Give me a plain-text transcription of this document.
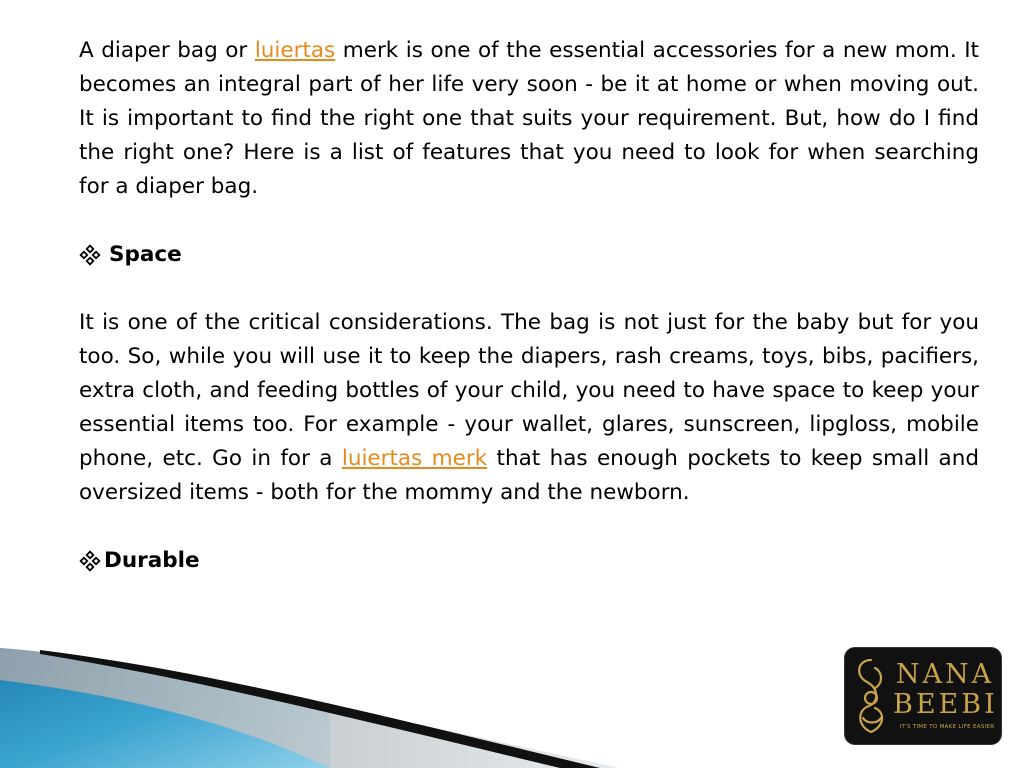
A diaper bag or luiertas merk is one of the essential accessories for a new mom. It becomes an integral part of her life very soon - be it at home or when moving out. It is important to find the right one that suits your requirement. But, how do I find the right one? Here is a list of features that you need to look for when searching for a diaper bag.

Space

It is one of the critical considerations. The bag is not just for the baby but for you too. So, while you will use it to keep the diapers, rash creams, toys, bibs, pacifiers, extra cloth, and feeding bottles of your child, you need to have space to keep your essential items too. For example - your wallet, glares, sunscreen, lipgloss, mobile phone, etc. Go in for a luiertas merk that has enough pockets to keep small and oversized items - both for the mommy and the newborn.

Durable
NANA
BEEBI
IT'S TIME TO MAKE LIFE EASIER
